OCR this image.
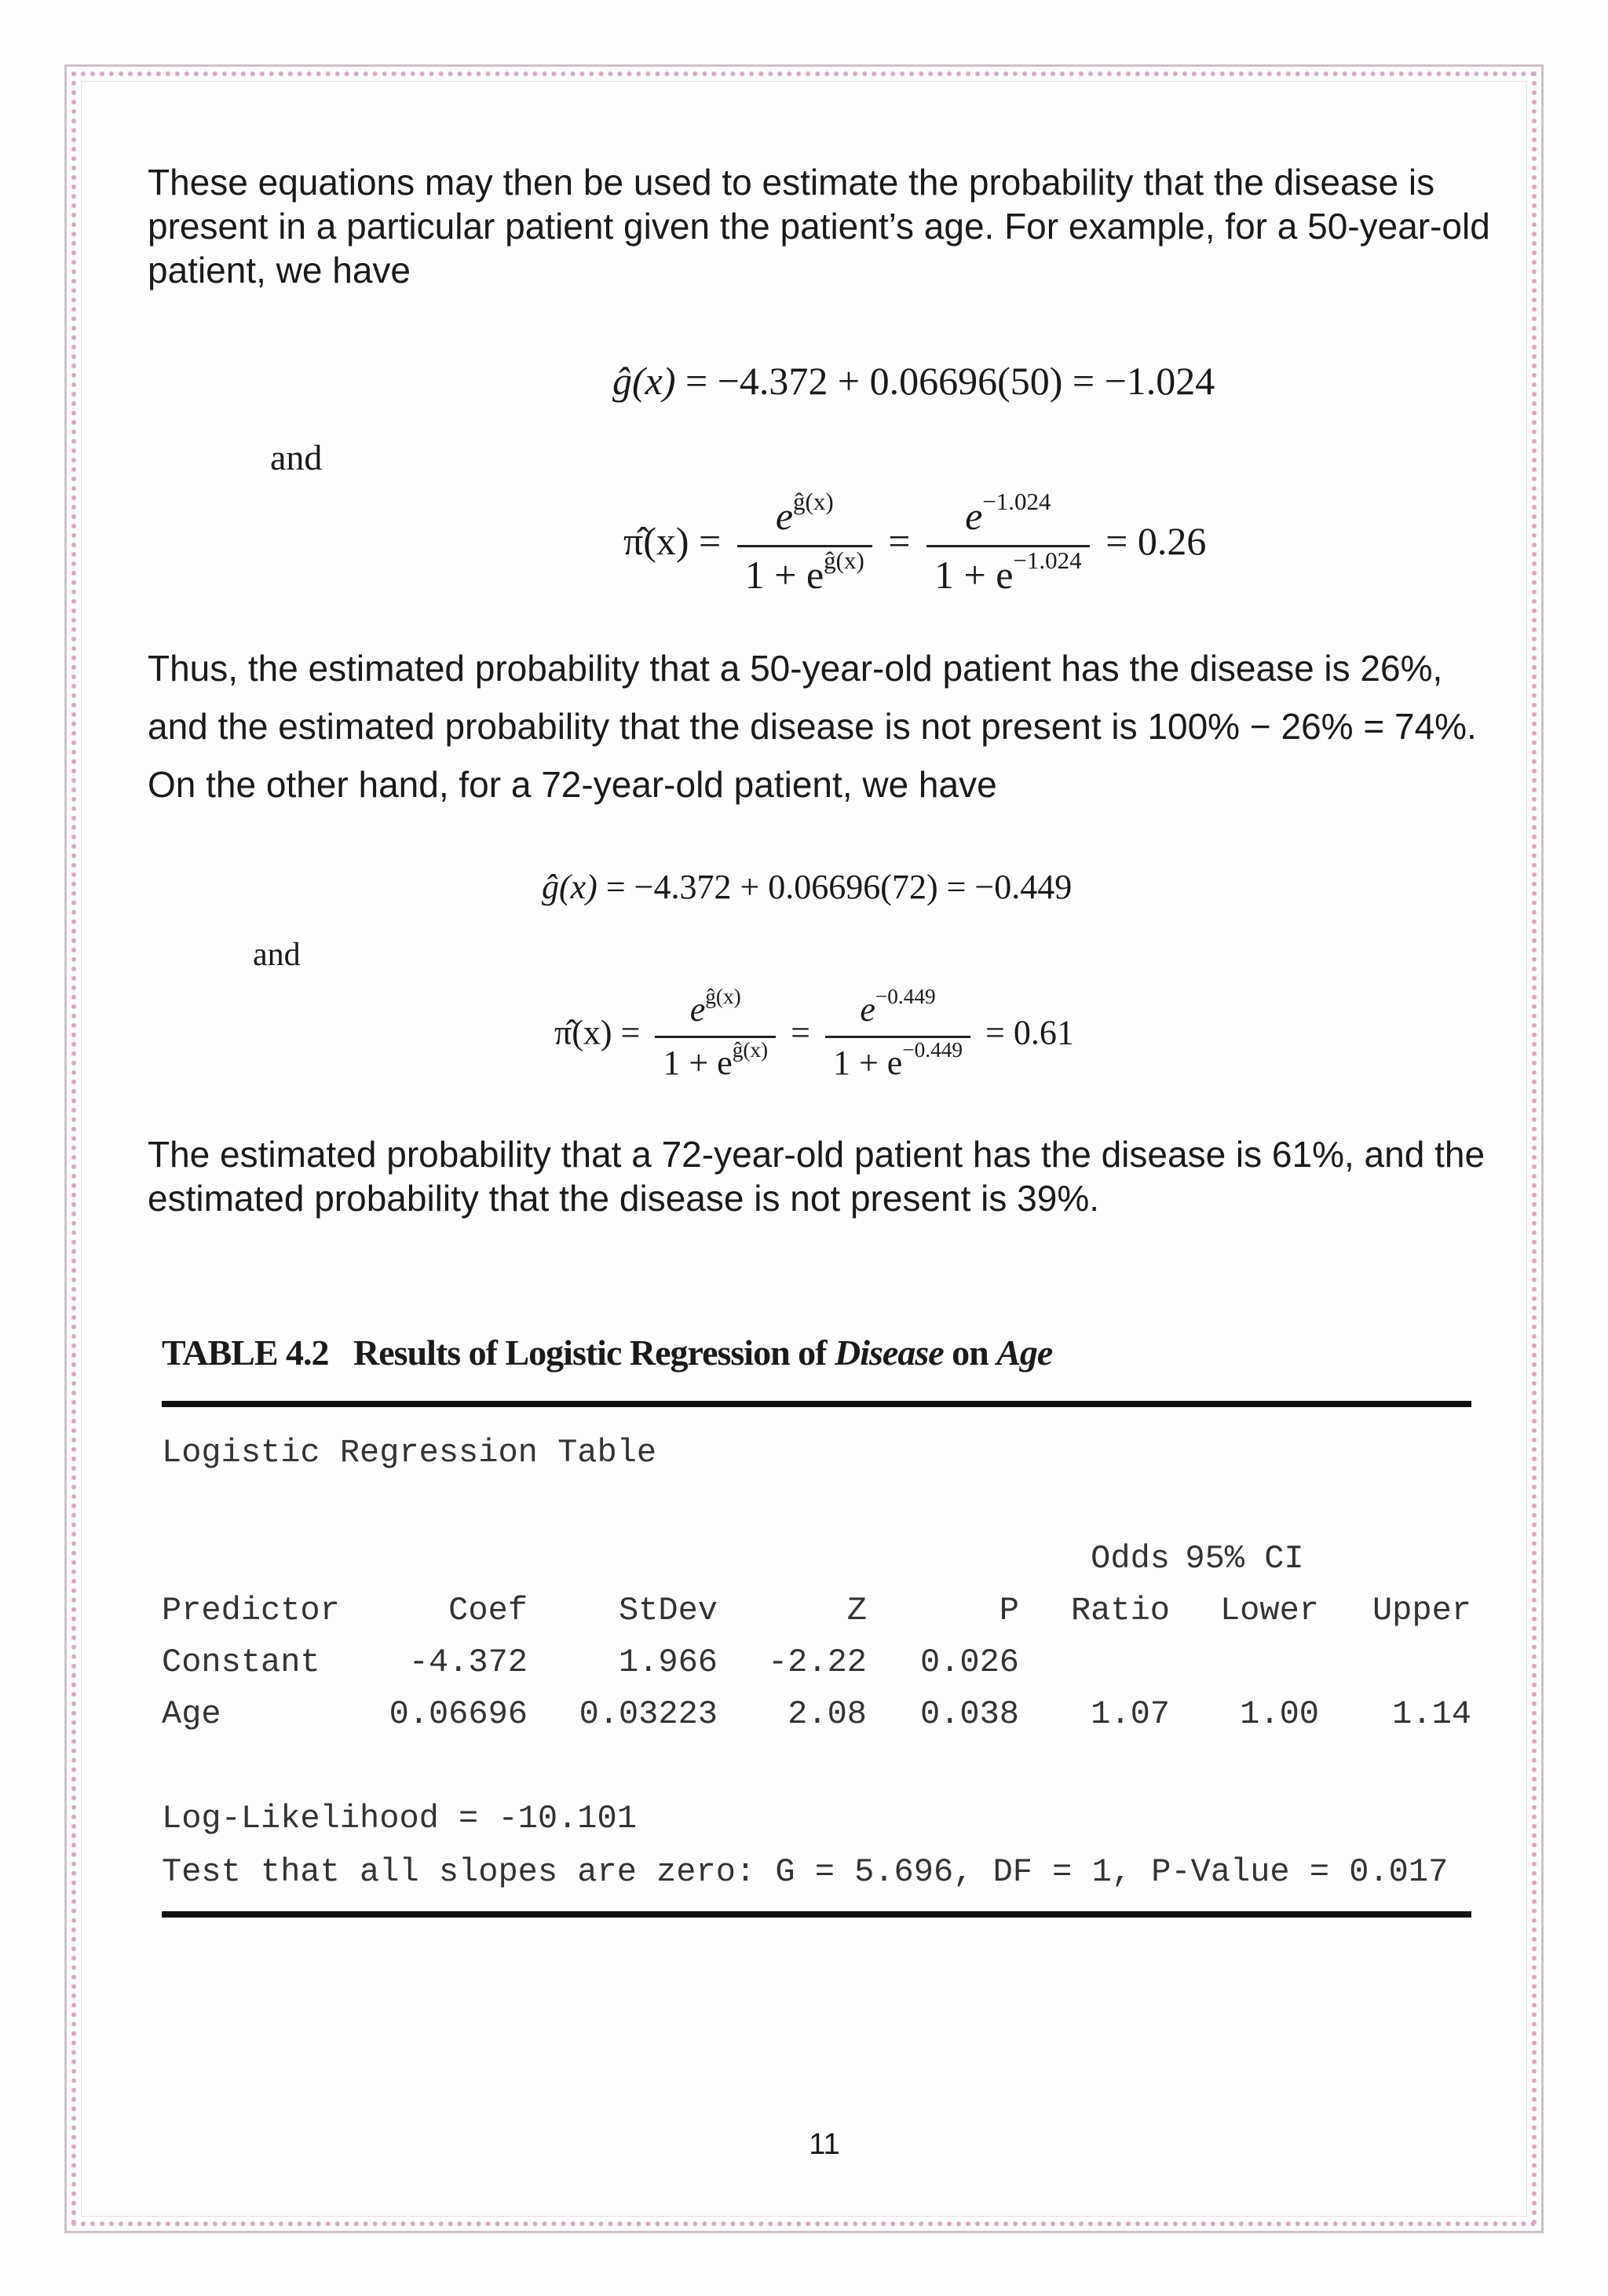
These equations may then be used to estimate the probability that the disease is present in a particular patient given the patient’s age. For example, for a 50-year-old patient, we have

ĝ(x) = −4.372 + 0.06696(50) = −1.024
and
π̂(x) = $\frac{e^{ĝ(x)}}{1 + e^{ĝ(x)}} = \frac{e^{-1.024}}{1 + e^{-1.024}} = 0.26$

Thus, the estimated probability that a 50-year-old patient has the disease is 26%, and the estimated probability that the disease is not present is 100% − 26% = 74%. On the other hand, for a 72-year-old patient, we have

ĝ(x) = −4.372 + 0.06696(72) = −0.449
and
π̂(x) = $\frac{e^{ĝ(x)}}{1 + e^{ĝ(x)}} = \frac{e^{-0.449}}{1 + e^{-0.449}} = 0.61$

The estimated probability that a 72-year-old patient has the disease is 61%, and the estimated probability that the disease is not present is 39%.

TABLE 4.2 Results of Logistic Regression of Disease on Age
Logistic Regression Table
					Odds	95% CI	
Predictor	Coef	StDev	Z	P	Ratio	Lower	Upper
Constant	-4.372	1.966	-2.22	0.026			
Age	0.06696	0.03223	2.08	0.038	1.07	1.00	1.14
Log-Likelihood = -10.101
Test that all slopes are zero: G = 5.696, DF = 1, P-Value = 0.017
11
